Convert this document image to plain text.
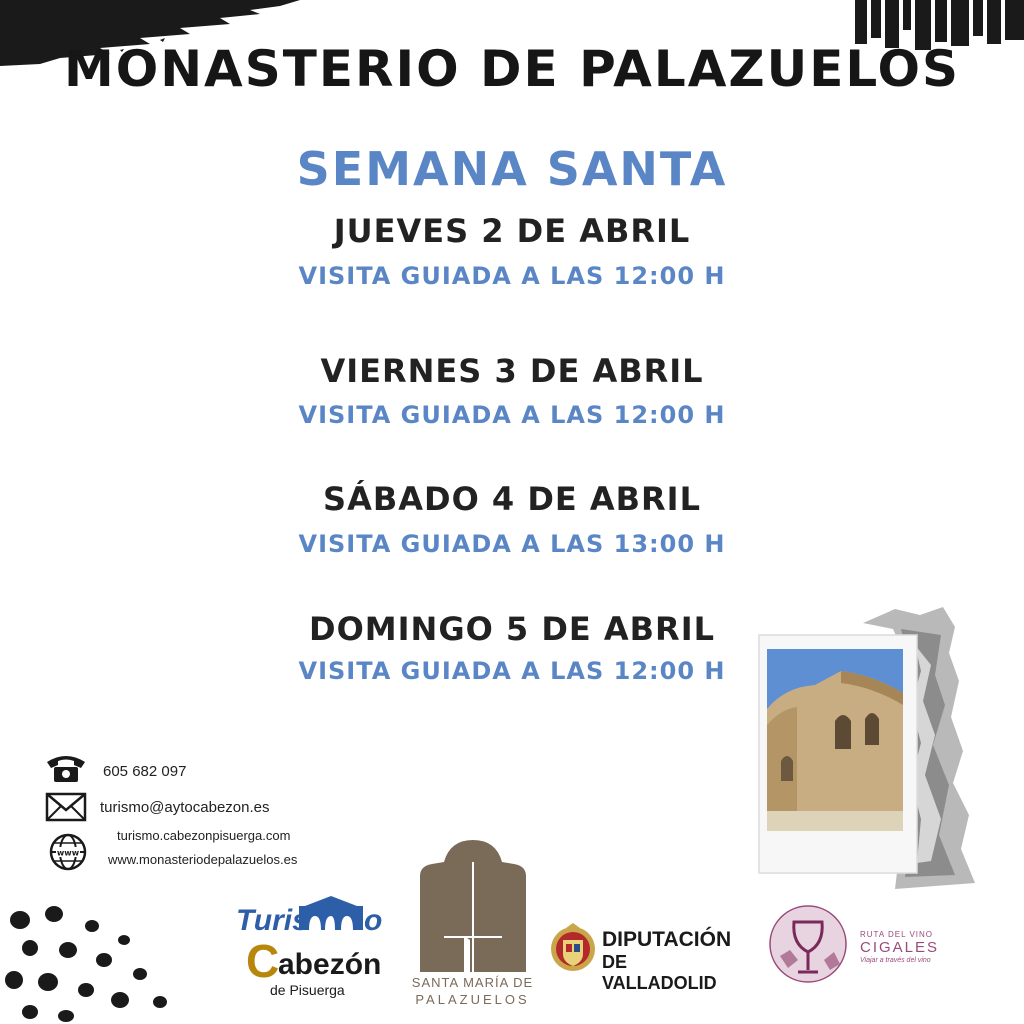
MONASTERIO DE PALAZUELOS
SEMANA SANTA
JUEVES 2 DE ABRIL
VISITA GUIADA A LAS 12:00 H
VIERNES 3 DE ABRIL
VISITA GUIADA A LAS 12:00 H
SÁBADO 4 DE ABRIL
VISITA GUIADA A LAS 13:00 H
DOMINGO 5 DE ABRIL
VISITA GUIADA A LAS 12:00 H
605 682 097
turismo@aytocabezon.es
www
turismo.cabezonpisuerga.com
www.monasteriodepalazuelos.es
Turis o
C
abezón
de Pisuerga	SANTA MARÍA DE
PALAZUELOS
DIPUTACIÓN
DE VALLADOLID
RUTA DEL VINO
CIGALES
Viajar a través del vino
